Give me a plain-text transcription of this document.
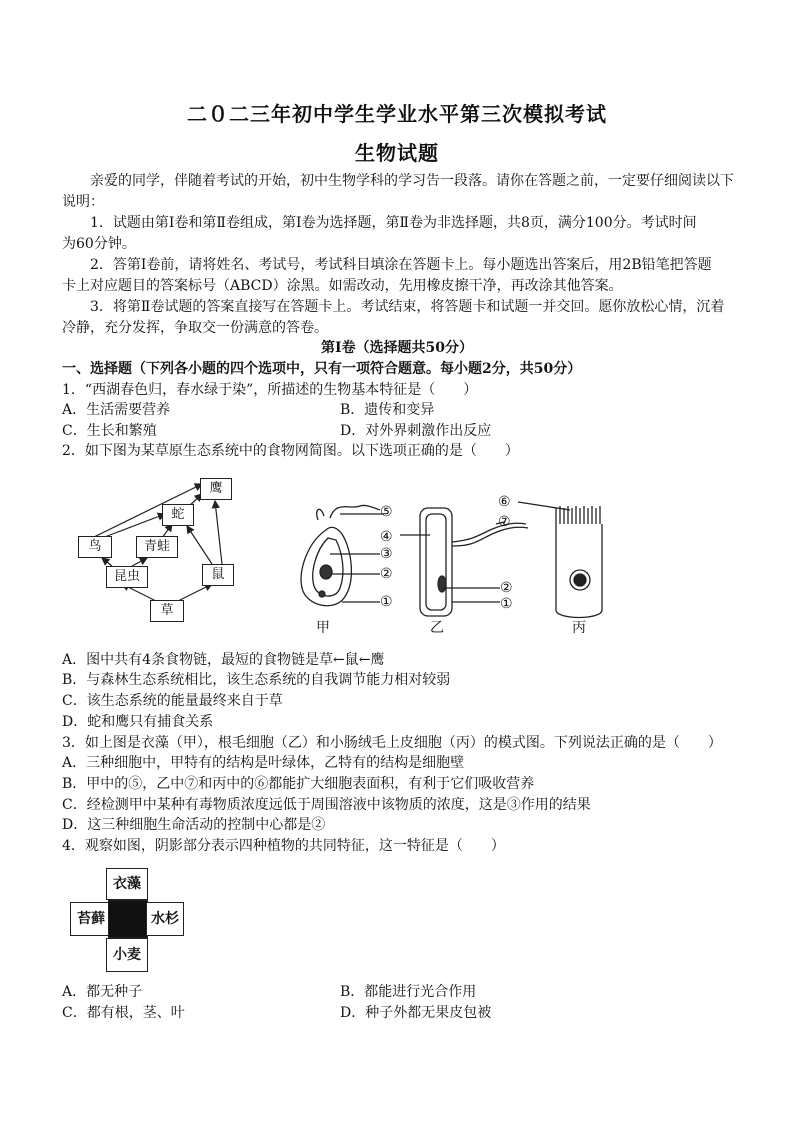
二０二三年初中学生学业水平第三次模拟考试
生物试题
亲爱的同学，伴随着考试的开始，初中生物学科的学习告一段落。请你在答题之前，一定要仔细阅读以下
说明：
1．试题由第Ⅰ卷和第Ⅱ卷组成，第Ⅰ卷为选择题，第Ⅱ卷为非选择题，共8页，满分100分。考试时间
为60分钟。
2．答第Ⅰ卷前，请将姓名、考试号，考试科目填涂在答题卡上。每小题选出答案后，用2B铅笔把答题
卡上对应题目的答案标号（ABCD）涂黑。如需改动，先用橡皮擦干净，再改涂其他答案。
3．将第Ⅱ卷试题的答案直接写在答题卡上。考试结束，将答题卡和试题一并交回。愿你放松心情，沉着
冷静，充分发挥，争取交一份满意的答卷。
第Ⅰ卷（选择题共50分）
一、选择题（下列各小题的四个选项中，只有一项符合题意。每小题2分，共50分）
1．“西湖春色归，春水绿于染”，所描述的生物基本特征是（　　）
A．生活需要营养	B．遗传和变异
C．生长和繁殖	D．对外界刺激作出反应
2．如下图为某草原生态系统中的食物网简图。以下选项正确的是（　　）
鹰
蛇
鸟	青蛙
昆虫	鼠
草
⑤
④
③
②
①
⑥
⑦
②
①
甲	乙	丙
A．图中共有4条食物链，最短的食物链是草←鼠←鹰
B．与森林生态系统相比，该生态系统的自我调节能力相对较弱
C．该生态系统的能量最终来自于草
D．蛇和鹰只有捕食关系
3．如上图是衣藻（甲），根毛细胞（乙）和小肠绒毛上皮细胞（丙）的模式图。下列说法正确的是（　　）
A．三种细胞中，甲特有的结构是叶绿体，乙特有的结构是细胞壁
B．甲中的⑤，乙中⑦和丙中的⑥都能扩大细胞表面积，有利于它们吸收营养
C．经检测甲中某种有毒物质浓度远低于周围溶液中该物质的浓度，这是③作用的结果
D．这三种细胞生命活动的控制中心都是②
4．观察如图，阴影部分表示四种植物的共同特征，这一特征是（　　）
衣藻
苔藓	水杉
小麦
A．都无种子	B．都能进行光合作用
C．都有根，茎、叶	D．种子外都无果皮包被
